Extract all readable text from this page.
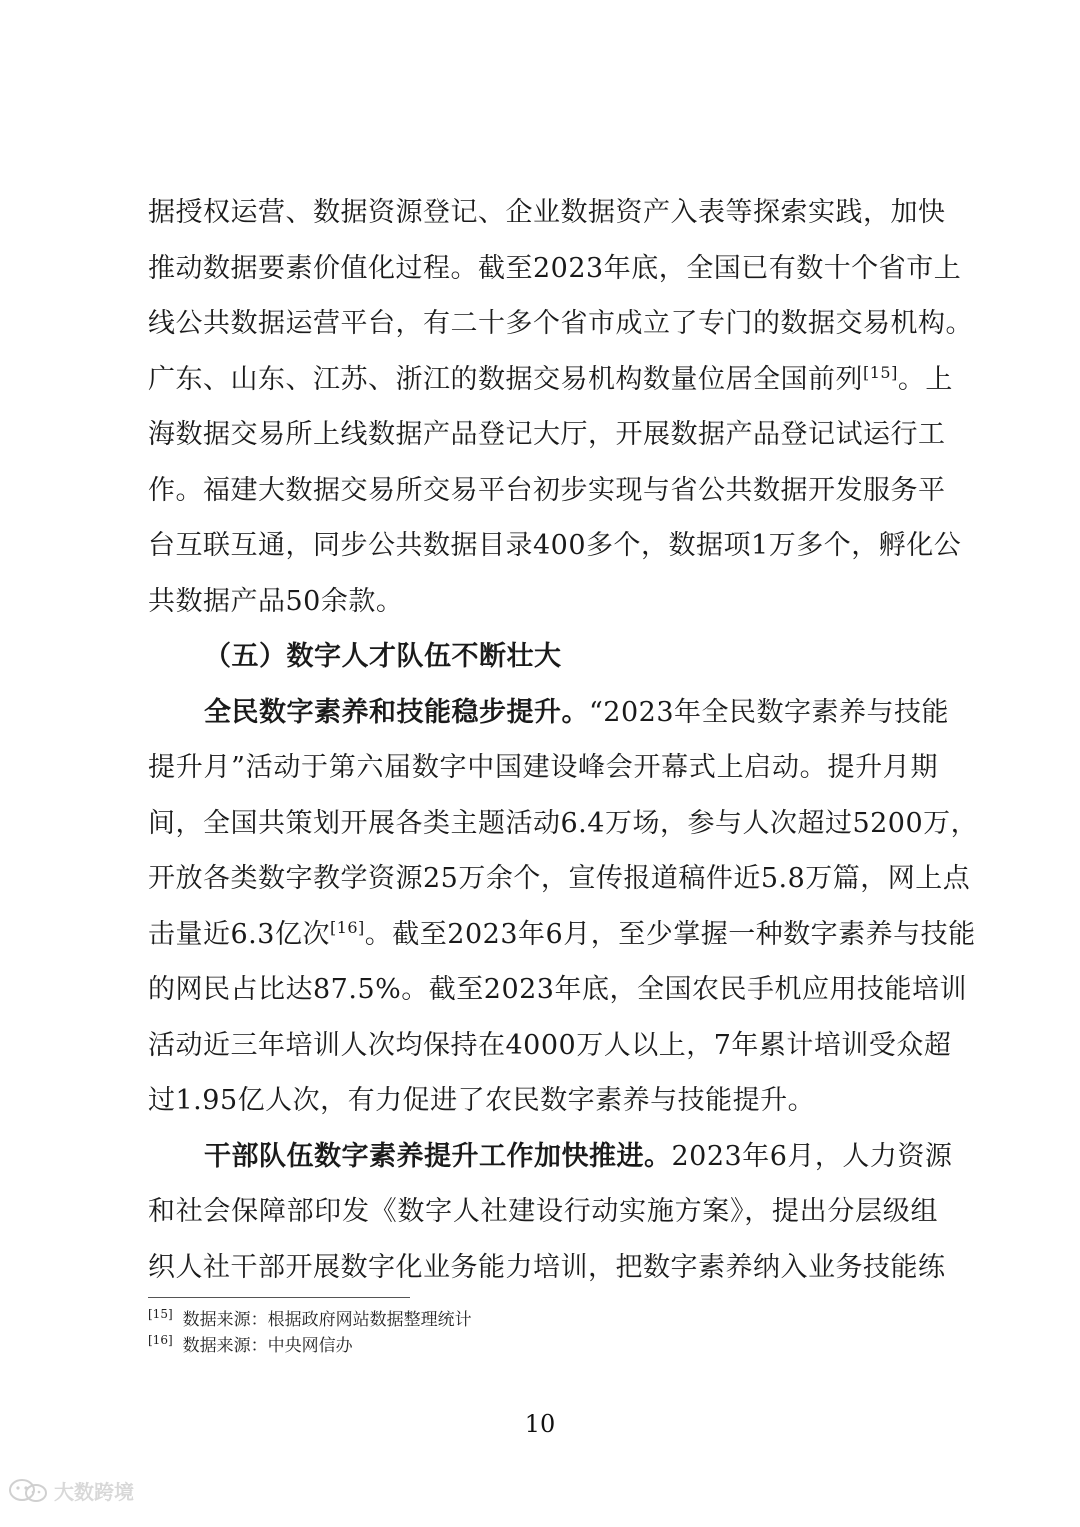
据授权运营、数据资源登记、企业数据资产入表等探索实践，加快
推动数据要素价值化过程。截至2023年底，全国已有数十个省市上
线公共数据运营平台，有二十多个省市成立了专门的数据交易机构。
广东、山东、江苏、浙江的数据交易机构数量位居全国前列[15]。上
海数据交易所上线数据产品登记大厅，开展数据产品登记试运行工
作。福建大数据交易所交易平台初步实现与省公共数据开发服务平
台互联互通，同步公共数据目录400多个，数据项1万多个，孵化公
共数据产品50余款。
（五）数字人才队伍不断壮大
全民数字素养和技能稳步提升。“2023年全民数字素养与技能
提升月”活动于第六届数字中国建设峰会开幕式上启动。提升月期
间，全国共策划开展各类主题活动6.4万场，参与人次超过5200万，
开放各类数字教学资源25万余个，宣传报道稿件近5.8万篇，网上点
击量近6.3亿次[16]。截至2023年6月，至少掌握一种数字素养与技能
的网民占比达87.5%。截至2023年底，全国农民手机应用技能培训
活动近三年培训人次均保持在4000万人以上，7年累计培训受众超
过1.95亿人次，有力促进了农民数字素养与技能提升。
干部队伍数字素养提升工作加快推进。2023年6月，人力资源
和社会保障部印发《数字人社建设行动实施方案》，提出分层级组
织人社干部开展数字化业务能力培训，把数字素养纳入业务技能练
[15] 数据来源：根据政府网站数据整理统计
[16] 数据来源：中央网信办
10
大数跨境
